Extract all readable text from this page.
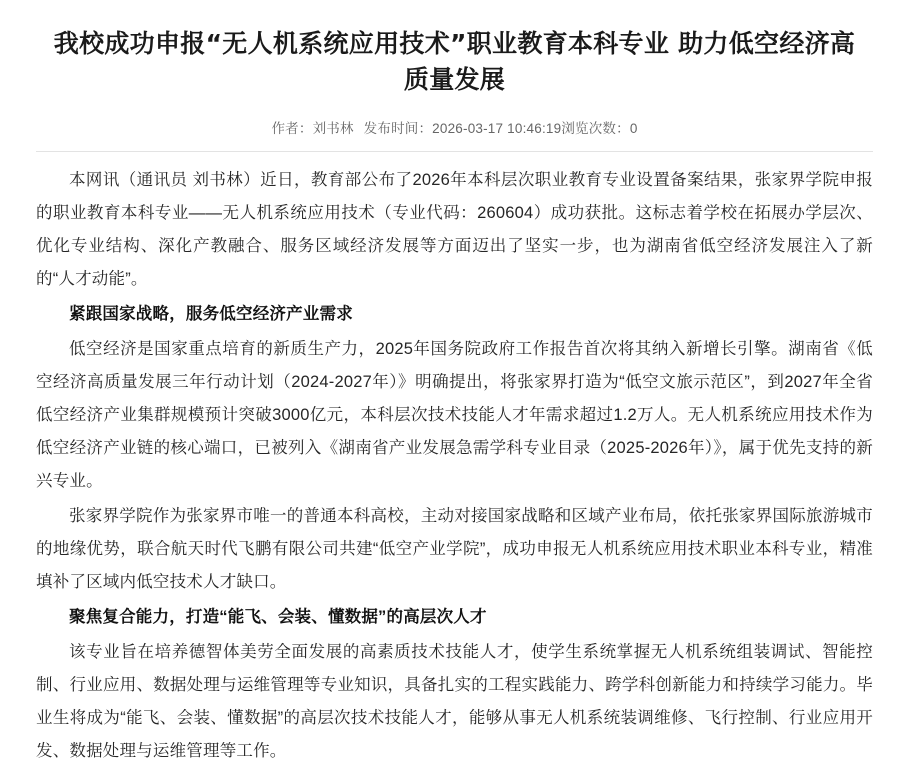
我校成功申报“无人机系统应用技术”职业教育本科专业 助力低空经济高质量发展
作者：刘书林 发布时间：2026-03-17 10:46:19浏览次数：0

本网讯（通讯员 刘书林）近日，教育部公布了2026年本科层次职业教育专业设置备案结果，张家界学院申报的职业教育本科专业——无人机系统应用技术（专业代码：260604）成功获批。这标志着学校在拓展办学层次、优化专业结构、深化产教融合、服务区域经济发展等方面迈出了坚实一步，也为湖南省低空经济发展注入了新的“人才动能”。

紧跟国家战略，服务低空经济产业需求

低空经济是国家重点培育的新质生产力，2025年国务院政府工作报告首次将其纳入新增长引擎。湖南省《低空经济高质量发展三年行动计划（2024-2027年）》明确提出，将张家界打造为“低空文旅示范区”，到2027年全省低空经济产业集群规模预计突破3000亿元，本科层次技术技能人才年需求超过1.2万人。无人机系统应用技术作为低空经济产业链的核心端口，已被列入《湖南省产业发展急需学科专业目录（2025-2026年）》，属于优先支持的新兴专业。

张家界学院作为张家界市唯一的普通本科高校，主动对接国家战略和区域产业布局，依托张家界国际旅游城市的地缘优势，联合航天时代飞鹏有限公司共建“低空产业学院”，成功申报无人机系统应用技术职业本科专业，精准填补了区域内低空技术人才缺口。

聚焦复合能力，打造“能飞、会装、懂数据”的高层次人才

该专业旨在培养德智体美劳全面发展的高素质技术技能人才，使学生系统掌握无人机系统组装调试、智能控制、行业应用、数据处理与运维管理等专业知识，具备扎实的工程实践能力、跨学科创新能力和持续学习能力。毕业生将成为“能飞、会装、懂数据”的高层次技术技能人才，能够从事无人机系统装调维修、飞行控制、行业应用开发、数据处理与运维管理等工作。
